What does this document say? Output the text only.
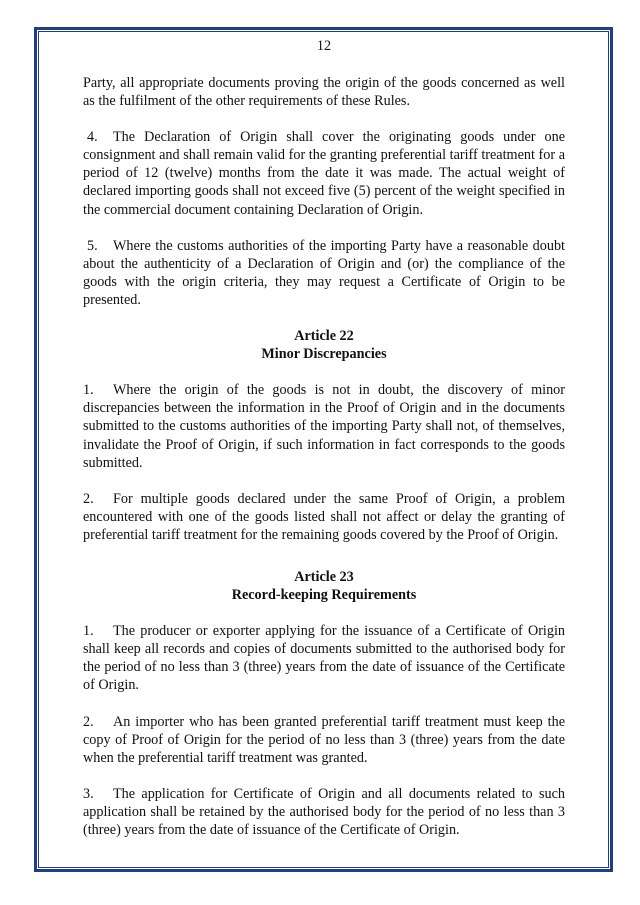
12

Party, all appropriate documents proving the origin of the goods concerned as well as the fulfilment of the other requirements of these Rules.

4. The Declaration of Origin shall cover the originating goods under one consignment and shall remain valid for the granting preferential tariff treatment for a period of 12 (twelve) months from the date it was made. The actual weight of declared importing goods shall not exceed five (5) percent of the weight specified in the commercial document containing Declaration of Origin.

5. Where the customs authorities of the importing Party have a reasonable doubt about the authenticity of a Declaration of Origin and (or) the compliance of the goods with the origin criteria, they may request a Certificate of Origin to be presented.

Article 22
Minor Discrepancies

1. Where the origin of the goods is not in doubt, the discovery of minor discrepancies between the information in the Proof of Origin and in the documents submitted to the customs authorities of the importing Party shall not, of themselves, invalidate the Proof of Origin, if such information in fact corresponds to the goods submitted.

2. For multiple goods declared under the same Proof of Origin, a problem encountered with one of the goods listed shall not affect or delay the granting of preferential tariff treatment for the remaining goods covered by the Proof of Origin.

Article 23
Record-keeping Requirements

1. The producer or exporter applying for the issuance of a Certificate of Origin shall keep all records and copies of documents submitted to the authorised body for the period of no less than 3 (three) years from the date of issuance of the Certificate of Origin.

2. An importer who has been granted preferential tariff treatment must keep the copy of Proof of Origin for the period of no less than 3 (three) years from the date when the preferential tariff treatment was granted.

3. The application for Certificate of Origin and all documents related to such application shall be retained by the authorised body for the period of no less than 3 (three) years from the date of issuance of the Certificate of Origin.
